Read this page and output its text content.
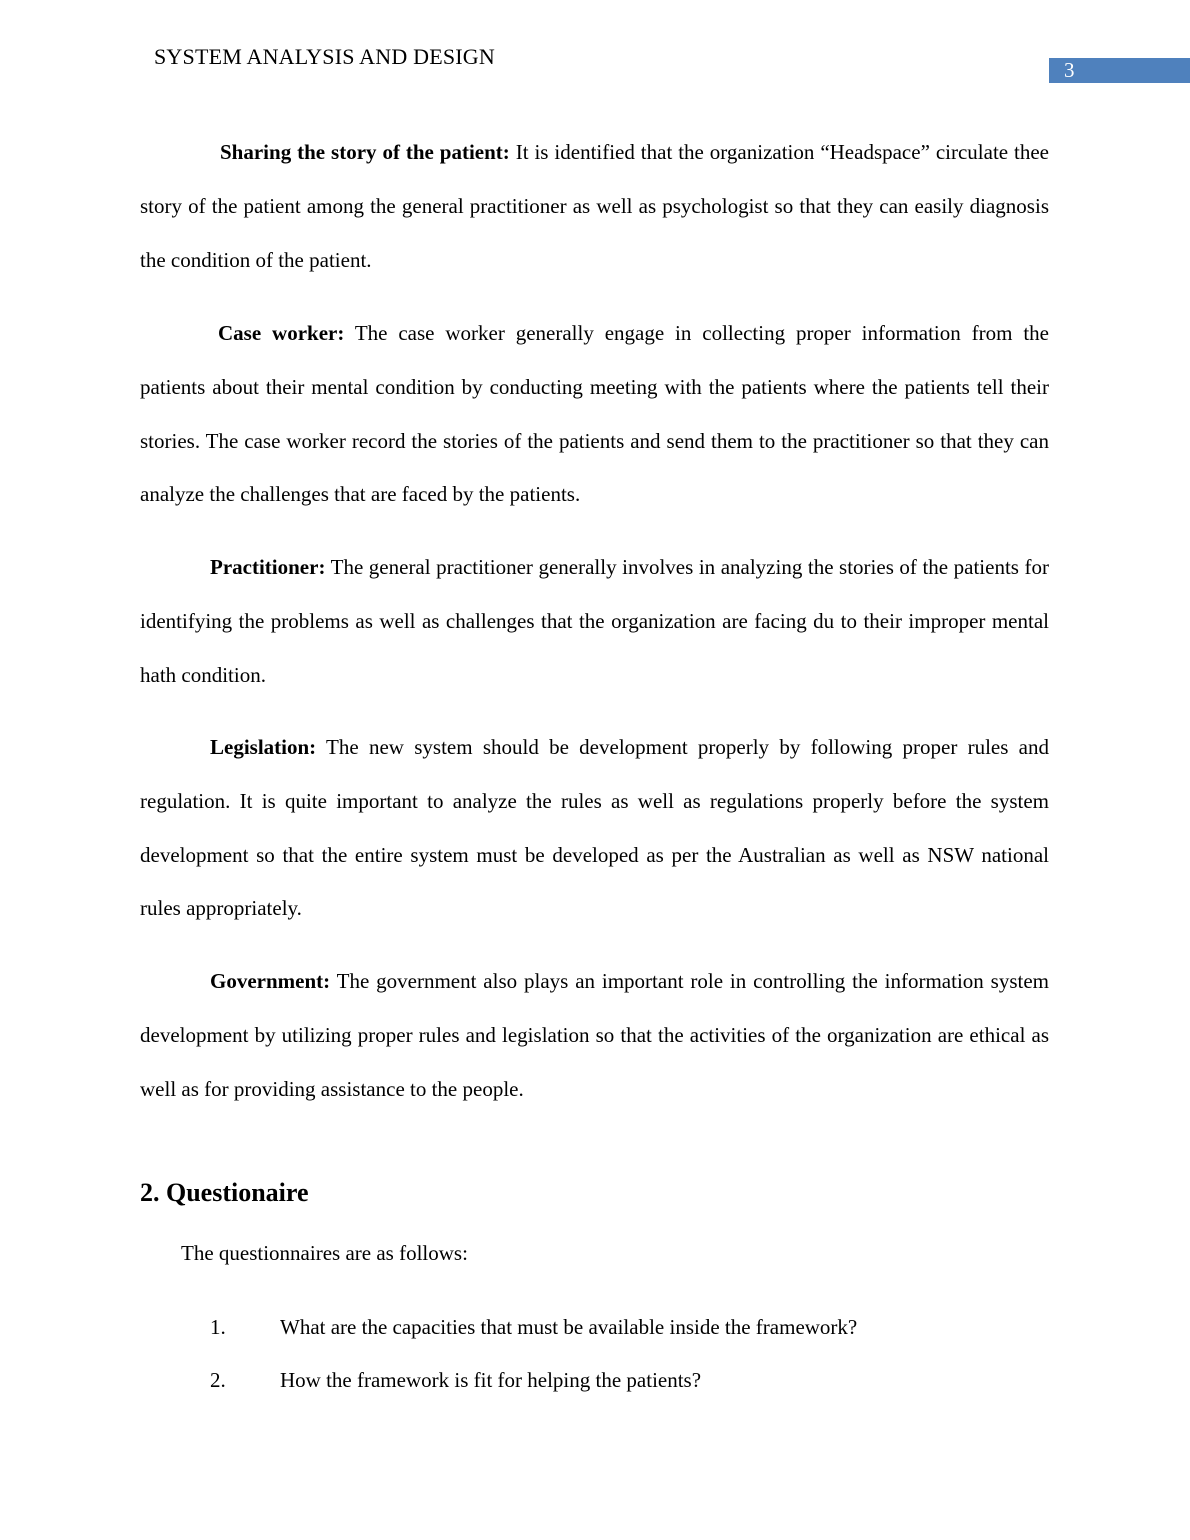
SYSTEM ANALYSIS AND DESIGN
3

Sharing the story of the patient: It is identified that the organization “Headspace” circulate thee story of the patient among the general practitioner as well as psychologist so that they can easily diagnosis the condition of the patient.

Case worker: The case worker generally engage in collecting proper information from the patients about their mental condition by conducting meeting with the patients where the patients tell their stories. The case worker record the stories of the patients and send them to the practitioner so that they can analyze the challenges that are faced by the patients.

Practitioner: The general practitioner generally involves in analyzing the stories of the patients for identifying the problems as well as challenges that the organization are facing du to their improper mental hath condition.

Legislation: The new system should be development properly by following proper rules and regulation. It is quite important to analyze the rules as well as regulations properly before the system development so that the entire system must be developed as per the Australian as well as NSW national rules appropriately.

Government: The government also plays an important role in controlling the information system development by utilizing proper rules and legislation so that the activities of the organization are ethical as well as for providing assistance to the people.

2. Questionaire
The questionnaires are as follows:
1.	What are the capacities that must be available inside the framework?
2.	How the framework is fit for helping the patients?
